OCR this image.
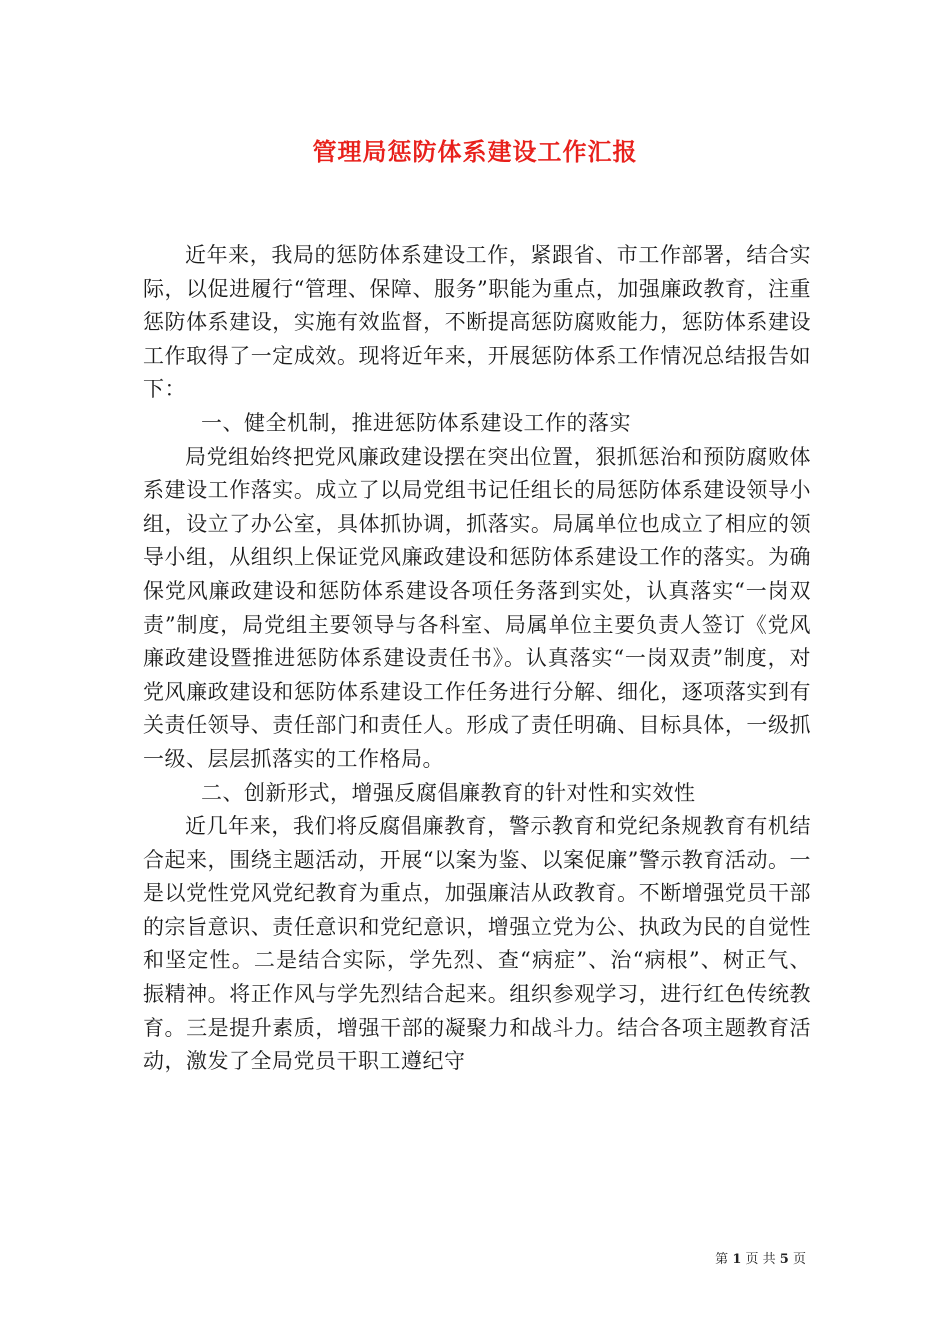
管理局惩防体系建设工作汇报

近年来，我局的惩防体系建设工作，紧跟省、市工作部署，结合实际，以促进履行“管理、保障、服务”职能为重点，加强廉政教育，注重惩防体系建设，实施有效监督，不断提高惩防腐败能力，惩防体系建设工作取得了一定成效。现将近年来，开展惩防体系工作情况总结报告如下：

一、健全机制，推进惩防体系建设工作的落实

局党组始终把党风廉政建设摆在突出位置，狠抓惩治和预防腐败体系建设工作落实。成立了以局党组书记任组长的局惩防体系建设领导小组，设立了办公室，具体抓协调，抓落实。局属单位也成立了相应的领导小组，从组织上保证党风廉政建设和惩防体系建设工作的落实。为确保党风廉政建设和惩防体系建设各项任务落到实处，认真落实“一岗双责”制度，局党组主要领导与各科室、局属单位主要负责人签订《党风廉政建设暨推进惩防体系建设责任书》。认真落实“一岗双责”制度，对党风廉政建设和惩防体系建设工作任务进行分解、细化，逐项落实到有关责任领导、责任部门和责任人。形成了责任明确、目标具体，一级抓一级、层层抓落实的工作格局。

二、创新形式，增强反腐倡廉教育的针对性和实效性

近几年来，我们将反腐倡廉教育，警示教育和党纪条规教育有机结合起来，围绕主题活动，开展“以案为鉴、以案促廉”警示教育活动。一是以党性党风党纪教育为重点，加强廉洁从政教育。不断增强党员干部的宗旨意识、责任意识和党纪意识，增强立党为公、执政为民的自觉性和坚定性。二是结合实际，学先烈、查“病症”、治“病根”、树正气、振精神。将正作风与学先烈结合起来。组织参观学习，进行红色传统教育。三是提升素质，增强干部的凝聚力和战斗力。结合各项主题教育活动，激发了全局党员干职工遵纪守

第 1 页 共 5 页
